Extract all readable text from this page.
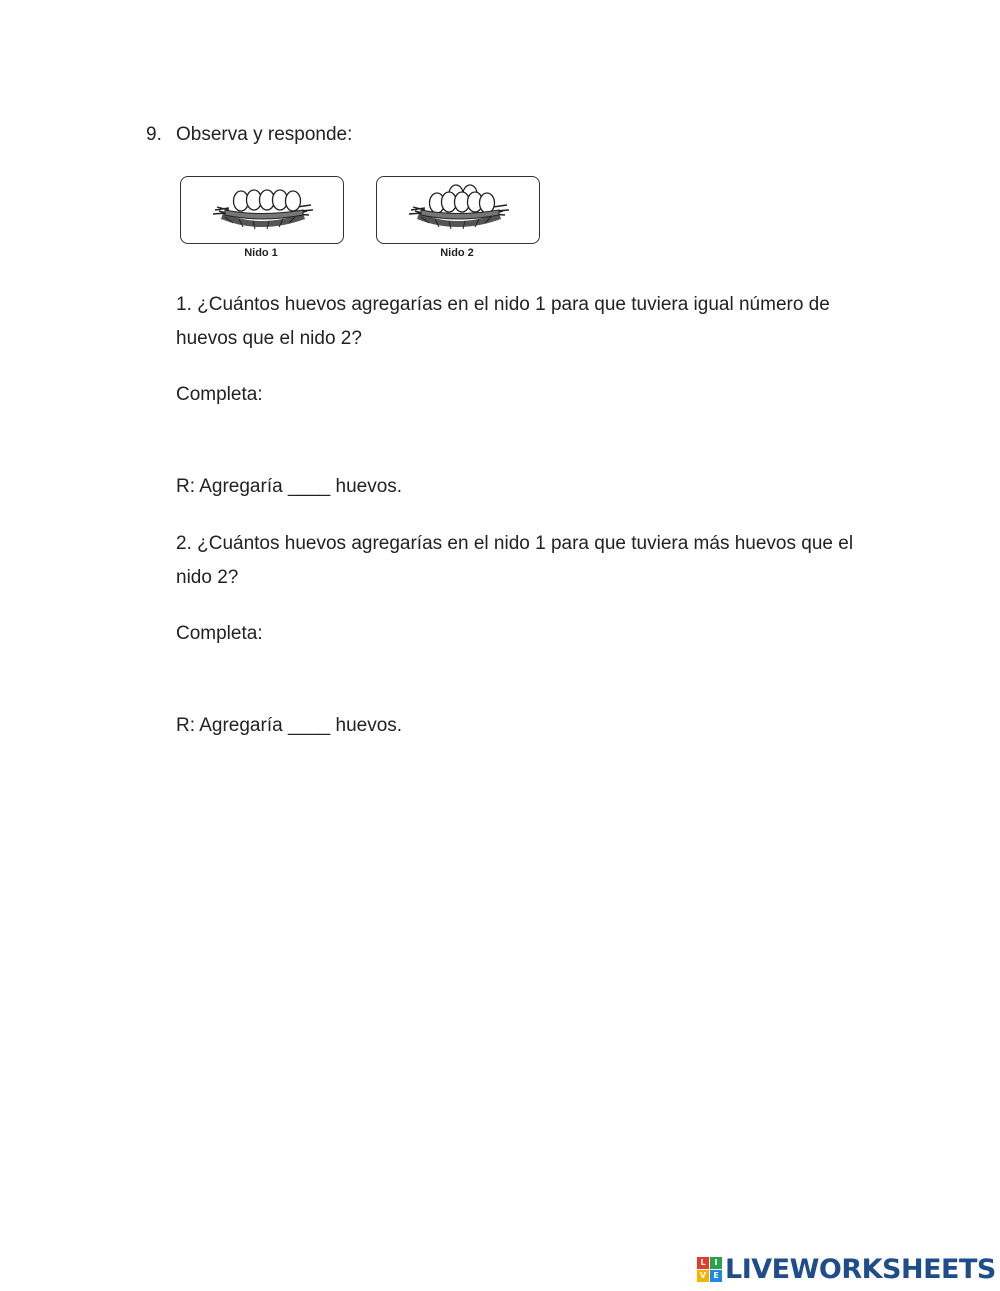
9. Observa y responde:
Nido 1	Nido 2
1. ¿Cuántos huevos agregarías en el nido 1 para que tuviera igual número de huevos que el nido 2?
Completa:
R: Agregaría ____ huevos.
2. ¿Cuántos huevos agregarías en el nido 1 para que tuviera más huevos que el nido 2?
Completa:
R: Agregaría ____ huevos.
L	I
V E LIVEWORKSHEETS
